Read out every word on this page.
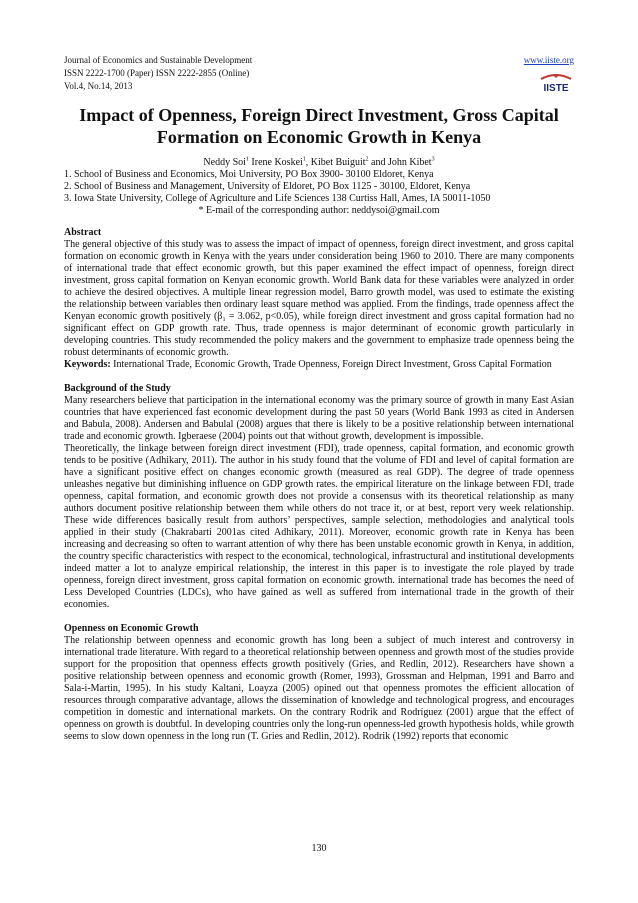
Journal of Economics and Sustainable Development
ISSN 2222-1700 (Paper) ISSN 2222-2855 (Online)
Vol.4, No.14, 2013
www.iiste.org
IISTE
Impact of Openness, Foreign Direct Investment, Gross Capital Formation on Economic Growth in Kenya
Neddy Soi$^1$ Irene Koskei$^1$, Kibet Buiguit$^2$ and John Kibet$^3$
1. School of Business and Economics, Moi University, PO Box 3900- 30100 Eldoret, Kenya
2. School of Business and Management, University of Eldoret, PO Box 1125 - 30100, Eldoret, Kenya
3. Iowa State University, College of Agriculture and Life Sciences 138 Curtiss Hall, Ames, IA 50011-1050
* E-mail of the corresponding author: neddysoi@gmail.com

Abstract

The general objective of this study was to assess the impact of impact of openness, foreign direct investment, and gross capital formation on economic growth in Kenya with the years under consideration being 1960 to 2010. There are many components of international trade that effect economic growth, but this paper examined the effect impact of openness, foreign direct investment, gross capital formation on Kenyan economic growth. World Bank data for these variables were analyzed in order to achieve the desired objectives. A multiple linear regression model, Barro growth model, was used to estimate the existing the relationship between variables then ordinary least square method was applied. From the findings, trade openness affect the Kenyan economic growth positively (β₁ = 3.062, p<0.05), while foreign direct investment and gross capital formation had no significant effect on GDP growth rate. Thus, trade openness is major determinant of economic growth particularly in developing countries. This study recommended the policy makers and the government to emphasize trade openness being the robust determinants of economic growth.

Keywords: International Trade, Economic Growth, Trade Openness, Foreign Direct Investment, Gross Capital Formation

Background of the Study

Many researchers believe that participation in the international economy was the primary source of growth in many East Asian countries that have experienced fast economic development during the past 50 years (World Bank 1993 as cited in Andersen and Babula, 2008). Andersen and Babulal (2008) argues that there is likely to be a positive relationship between international trade and economic growth. Igberaese (2004) points out that without growth, development is impossible.

Theoretically, the linkage between foreign direct investment (FDI), trade openness, capital formation, and economic growth tends to be positive (Adhikary, 2011). The author in his study found that the volume of FDI and level of capital formation are have a significant positive effect on changes economic growth (measured as real GDP). The degree of trade openness unleashes negative but diminishing influence on GDP growth rates. the empirical literature on the linkage between FDI, trade openness, capital formation, and economic growth does not provide a consensus with its theoretical relationship as many authors document positive relationship between them while others do not trace it, or at best, report very week relationship. These wide differences basically result from authors’ perspectives, sample selection, methodologies and analytical tools applied in their study (Chakrabarti 2001as cited Adhikary, 2011). Moreover, economic growth rate in Kenya has been increasing and decreasing so often to warrant attention of why there has been unstable economic growth in Kenya, in addition, the country specific characteristics with respect to the economical, technological, infrastructural and institutional developments indeed matter a lot to analyze empirical relationship, the interest in this paper is to investigate the role played by trade openness, foreign direct investment, gross capital formation on economic growth. international trade has becomes the need of Less Developed Countries (LDCs), who have gained as well as suffered from international trade in the growth of their economies.

Openness on Economic Growth

The relationship between openness and economic growth has long been a subject of much interest and controversy in international trade literature. With regard to a theoretical relationship between openness and growth most of the studies provide support for the proposition that openness effects growth positively (Gries, and Redlin, 2012). Researchers have shown a positive relationship between openness and economic growth (Romer, 1993), Grossman and Helpman, 1991 and Barro and Sala-i-Martin, 1995). In his study Kaltani, Loayza (2005) opined out that openness promotes the efficient allocation of resources through comparative advantage, allows the dissemination of knowledge and technological progress, and encourages competition in domestic and international markets. On the contrary Rodrik and Rodríguez (2001) argue that the effect of openness on growth is doubtful. In developing countries only the long-run openness-led growth hypothesis holds, while growth seems to slow down openness in the long run (T. Gries and Redlin, 2012). Rodrik (1992) reports that economic

130
